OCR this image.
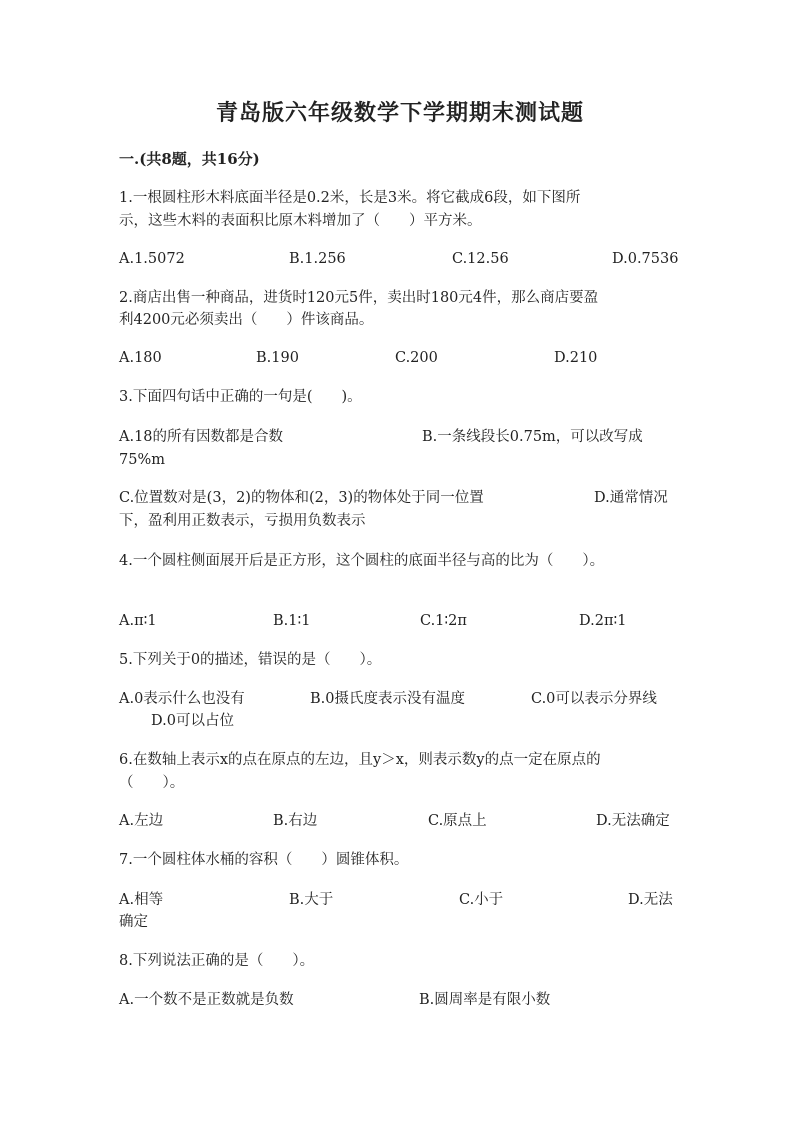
青岛版六年级数学下学期期末测试题
一.(共8题，共16分)
1.一根圆柱形木料底面半径是0.2米，长是3米。将它截成6段，如下图所
示，这些木料的表面积比原木料增加了（　　）平方米。
A.1.5072	B.1.256	C.12.56	D.0.7536
2.商店出售一种商品，进货时120元5件，卖出时180元4件，那么商店要盈
利4200元必须卖出（　　）件该商品。
A.180	B.190	C.200	D.210
3.下面四句话中正确的一句是(　　)。
A.18的所有因数都是合数	B.一条线段长0.75m，可以改写成
75%m
C.位置数对是(3，2)的物体和(2，3)的物体处于同一位置	D.通常情况
下，盈利用正数表示，亏损用负数表示
4.一个圆柱侧面展开后是正方形，这个圆柱的底面半径与高的比为（　　）。
A.π∶1	B.1∶1	C.1∶2π	D.2π∶1
5.下列关于0的描述，错误的是（　　）。
A.0表示什么也没有	B.0摄氏度表示没有温度	C.0可以表示分界线
D.0可以占位
6.在数轴上表示x的点在原点的左边，且y＞x，则表示数y的点一定在原点的
（　　）。
A.左边	B.右边	C.原点上	D.无法确定
7.一个圆柱体水桶的容积（　　）圆锥体积。
A.相等	B.大于	C.小于	D.无法
确定
8.下列说法正确的是（　　）。
A.一个数不是正数就是负数	B.圆周率是有限小数
